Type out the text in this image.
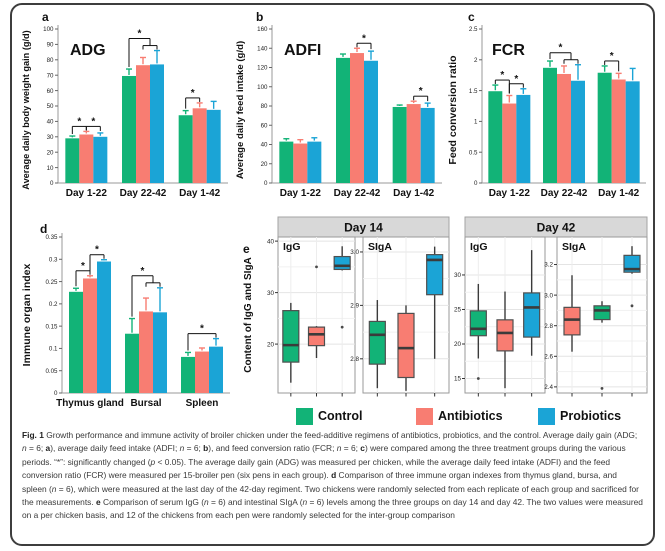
0
10
20
30
40
50
60
70
80
90
100
a
Average daily body weight gain (g/d) ADG
Day 1-22
* *
Day 22-42
*
Day 1-42
*
0
20
40
60
80
100
120
140
160
b
Average daily feed intake (g/d) ADFI
Day 1-22 Day 22-42
*
Day 1-42
*
0
0.5
1
1.5
2
2.5
c
Feed conversion ratio
FCR
Day 1-22
* *
Day 22-42
*
Day 1-42
*
0
0.05
0.1
0.15
0.2
0.25
0.3
0.35
d
Immune organ index
Thymus gland
*
*
Bursal
*
Spleen
*
e
Content of IgG and SIgA
Day 14
20
30
40 IgG
2.8
2.9
3.0 SIgA
Day 42
15
20
25
30
IgG
2.4
2.6
2.8
3.0
3.2
SIgA
Control	Antibiotics	Probiotics

Fig. 1 Growth performance and immune activity of broiler chicken under the feed-additive regimens of antibiotics, probiotics, and the control. Average daily gain (ADG; n = 6; a), average daily feed intake (ADFI; n = 6; b), and feed conversion ratio (FCR; n = 6; c) were compared among the three treatment groups during the various periods. “*”: significantly changed (p < 0.05). The average daily gain (ADG) was measured per chicken, while the average daily feed intake (ADFI) and the feed conversion ratio (FCR) were measured per 15-broiler pen (six pens in each group). d Comparison of three immune organ indexes from thymus gland, bursa, and spleen (n = 6), which were measured at the last day of the 42-day regiment. Two chickens were randomly selected from each replicate of each group and sacrificed for the measurements. e Comparison of serum IgG (n = 6) and intestinal SIgA (n = 6) levels among the three groups on day 14 and day 42. The two values were measured on a per chicken basis, and 12 of the chickens from each pen were randomly selected for the inter-group comparison
